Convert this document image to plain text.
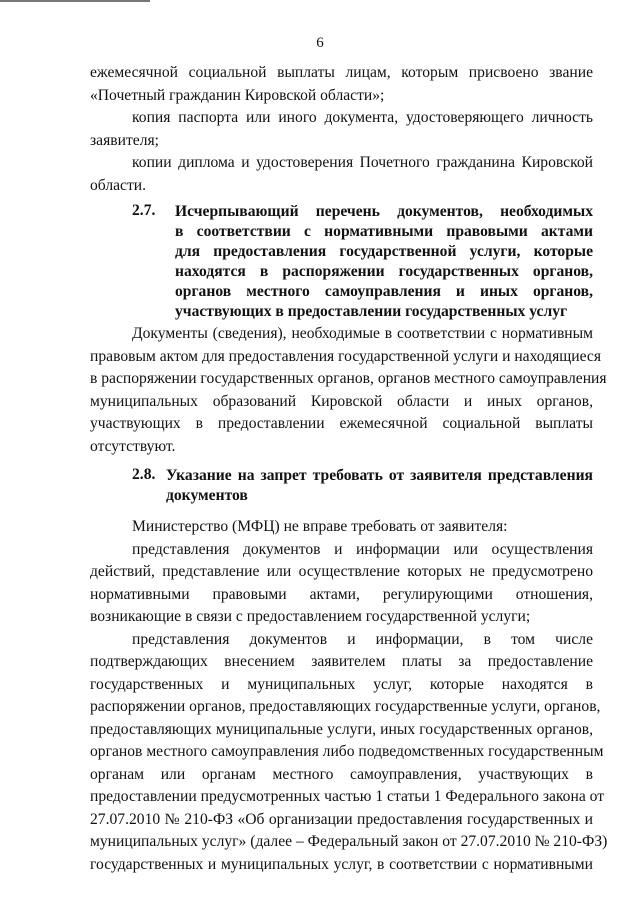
6
ежемесячной социальной выплаты лицам, которым присвоено звание
«Почетный гражданин Кировской области»;
копия паспорта или иного документа, удостоверяющего личность
заявителя;
копии диплома и удостоверения Почетного гражданина Кировской
области.
2.7. Исчерпывающий перечень документов, необходимых
в соответствии с нормативными правовыми актами
для предоставления государственной услуги, которые
находятся в распоряжении государственных органов,
органов местного самоуправления и иных органов,
участвующих в предоставлении государственных услуг
Документы (сведения), необходимые в соответствии с нормативным
правовым актом для предоставления государственной услуги и находящиеся
в распоряжении государственных органов, органов местного самоуправления
муниципальных образований Кировской области и иных органов,
участвующих в предоставлении ежемесячной социальной выплаты
отсутствуют.
2.8. Указание на запрет требовать от заявителя представления
документов
Министерство (МФЦ) не вправе требовать от заявителя:
представления документов и информации или осуществления
действий, представление или осуществление которых не предусмотрено
нормативными правовыми актами, регулирующими отношения,
возникающие в связи с предоставлением государственной услуги;
представления документов и информации, в том числе
подтверждающих внесением заявителем платы за предоставление
государственных и муниципальных услуг, которые находятся в
распоряжении органов, предоставляющих государственные услуги, органов,
предоставляющих муниципальные услуги, иных государственных органов,
органов местного самоуправления либо подведомственных государственным
органам или органам местного самоуправления, участвующих в
предоставлении предусмотренных частью 1 статьи 1 Федерального закона от
27.07.2010 № 210-ФЗ «Об организации предоставления государственных и
муниципальных услуг» (далее – Федеральный закон от 27.07.2010 № 210-ФЗ)
государственных и муниципальных услуг, в соответствии с нормативными
